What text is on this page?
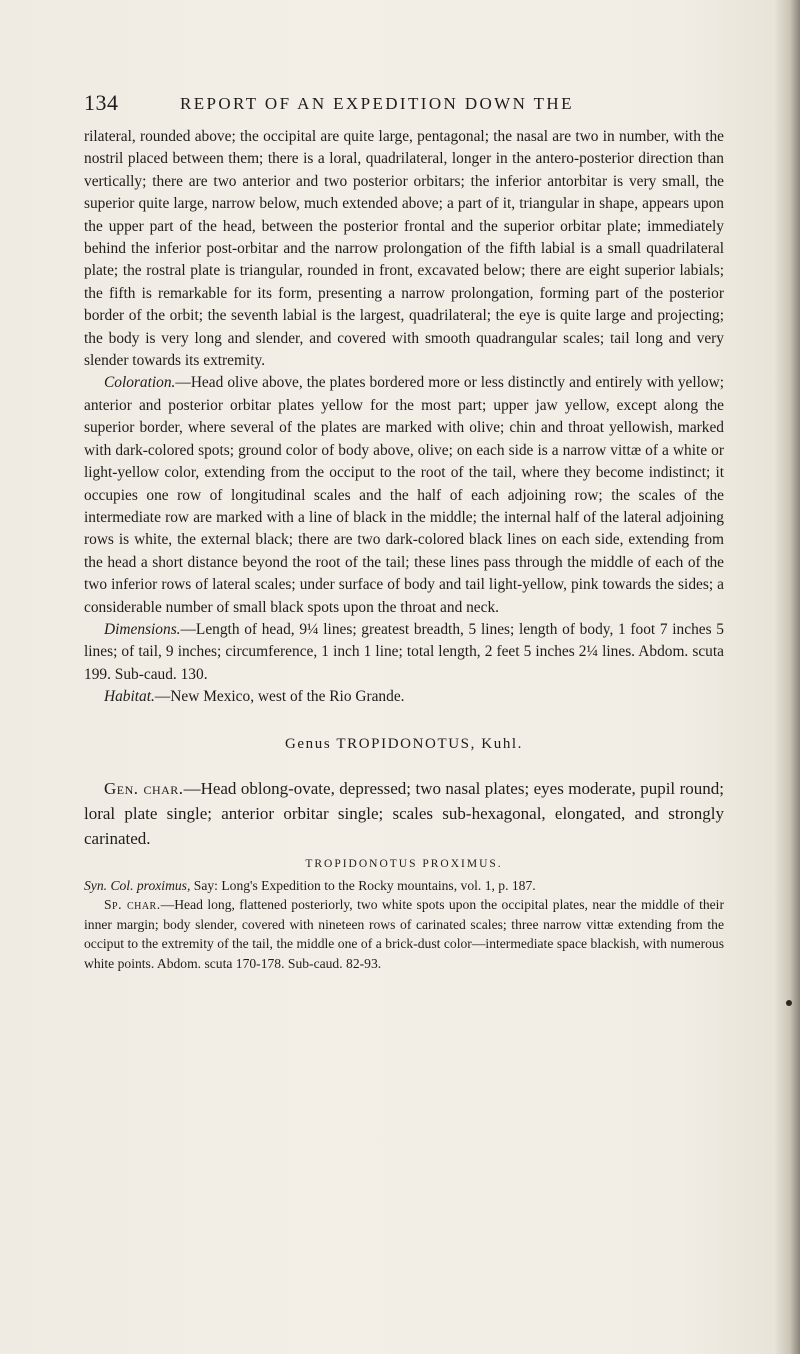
134	REPORT OF AN EXPEDITION DOWN THE

rilateral, rounded above; the occipital are quite large, pentagonal; the nasal are two in number, with the nostril placed between them; there is a loral, quadrilateral, longer in the antero-posterior direction than vertically; there are two anterior and two posterior orbitars; the inferior antorbitar is very small, the superior quite large, narrow below, much extended above; a part of it, triangular in shape, appears upon the upper part of the head, between the posterior frontal and the superior orbitar plate; immediately behind the inferior post-orbitar and the narrow prolongation of the fifth labial is a small quadrilateral plate; the rostral plate is triangular, rounded in front, excavated below; there are eight superior labials; the fifth is remarkable for its form, presenting a narrow prolongation, forming part of the posterior border of the orbit; the seventh labial is the largest, quadrilateral; the eye is quite large and projecting; the body is very long and slender, and covered with smooth quadrangular scales; tail long and very slender towards its extremity.

Coloration.—Head olive above, the plates bordered more or less distinctly and entirely with yellow; anterior and posterior orbitar plates yellow for the most part; upper jaw yellow, except along the superior border, where several of the plates are marked with olive; chin and throat yellowish, marked with dark-colored spots; ground color of body above, olive; on each side is a narrow vittæ of a white or light-yellow color, extending from the occiput to the root of the tail, where they become indistinct; it occupies one row of longitudinal scales and the half of each adjoining row; the scales of the intermediate row are marked with a line of black in the middle; the internal half of the lateral adjoining rows is white, the external black; there are two dark-colored black lines on each side, extending from the head a short distance beyond the root of the tail; these lines pass through the middle of each of the two inferior rows of lateral scales; under surface of body and tail light-yellow, pink towards the sides; a considerable number of small black spots upon the throat and neck.

Dimensions.—Length of head, 9¼ lines; greatest breadth, 5 lines; length of body, 1 foot 7 inches 5 lines; of tail, 9 inches; circumference, 1 inch 1 line; total length, 2 feet 5 inches 2¼ lines. Abdom. scuta 199. Sub-caud. 130.

Habitat.—New Mexico, west of the Rio Grande.

Genus TROPIDONOTUS, Kuhl.

Gen. char.—Head oblong-ovate, depressed; two nasal plates; eyes moderate, pupil round; loral plate single; anterior orbitar single; scales sub-hexagonal, elongated, and strongly carinated.

TROPIDONOTUS PROXIMUS.

Syn. Col. proximus, Say: Long's Expedition to the Rocky mountains, vol. 1, p. 187.

Sp. char.—Head long, flattened posteriorly, two white spots upon the occipital plates, near the middle of their inner margin; body slender, covered with nineteen rows of carinated scales; three narrow vittæ extending from the occiput to the extremity of the tail, the middle one of a brick-dust color—intermediate space blackish, with numerous white points. Abdom. scuta 170-178. Sub-caud. 82-93.
